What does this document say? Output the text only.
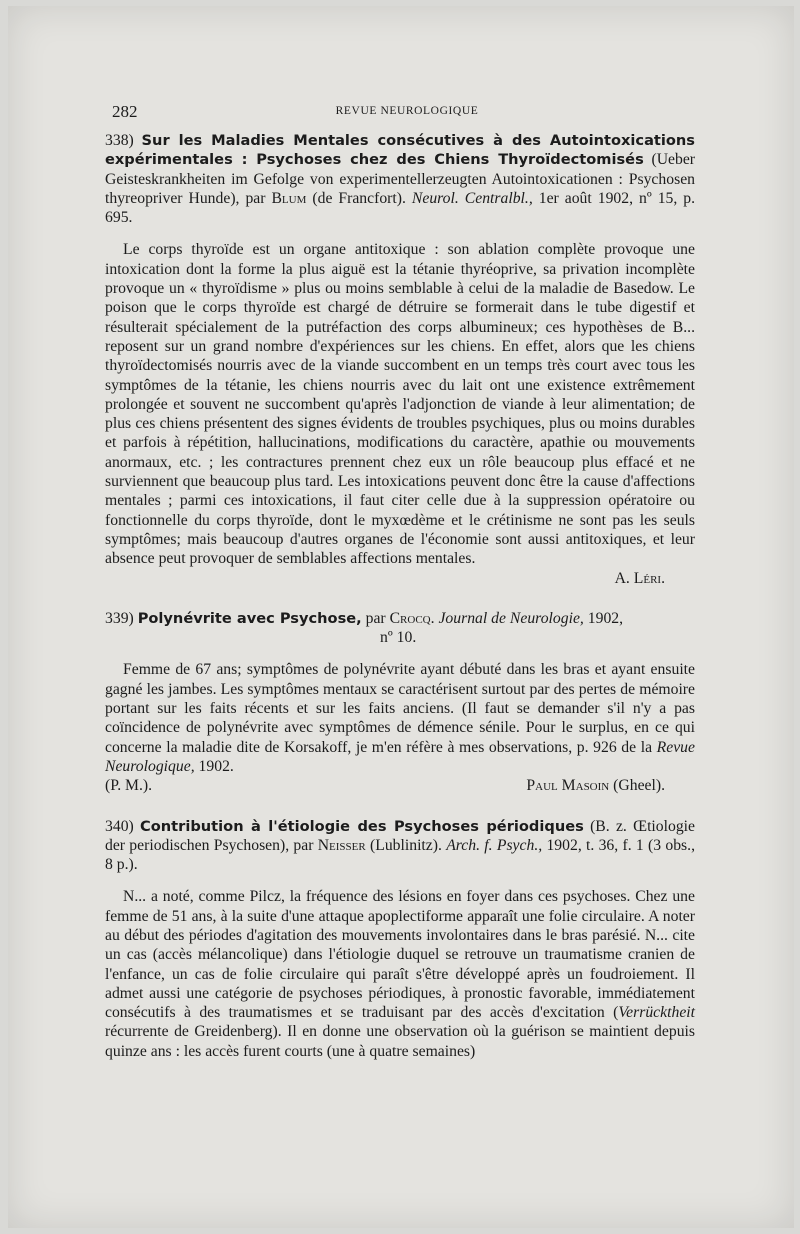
282	REVUE NEUROLOGIQUE

338) Sur les Maladies Mentales consécutives à des Autointoxications expérimentales : Psychoses chez des Chiens Thyroïdectomisés (Ueber Geisteskrankheiten im Gefolge von experimentellerzeugten Autointoxicationen : Psychosen thyreopriver Hunde), par Blum (de Francfort). Neurol. Centralbl., 1er août 1902, nº 15, p. 695.

Le corps thyroïde est un organe antitoxique : son ablation complète provoque une intoxication dont la forme la plus aiguë est la tétanie thyréoprive, sa privation incomplète provoque un « thyroïdisme » plus ou moins semblable à celui de la maladie de Basedow. Le poison que le corps thyroïde est chargé de détruire se formerait dans le tube digestif et résulterait spécialement de la putréfaction des corps albumineux; ces hypothèses de B... reposent sur un grand nombre d'expériences sur les chiens. En effet, alors que les chiens thyroïdectomisés nourris avec de la viande succombent en un temps très court avec tous les symptômes de la tétanie, les chiens nourris avec du lait ont une existence extrêmement prolongée et souvent ne succombent qu'après l'adjonction de viande à leur alimentation; de plus ces chiens présentent des signes évidents de troubles psychiques, plus ou moins durables et parfois à répétition, hallucinations, modifications du caractère, apathie ou mouvements anormaux, etc. ; les contractures prennent chez eux un rôle beaucoup plus effacé et ne surviennent que beaucoup plus tard. Les intoxications peuvent donc être la cause d'affections mentales ; parmi ces intoxications, il faut citer celle due à la suppression opératoire ou fonctionnelle du corps thyroïde, dont le myxœdème et le crétinisme ne sont pas les seuls symptômes; mais beaucoup d'autres organes de l'économie sont aussi antitoxiques, et leur absence peut provoquer de semblables affections mentales.

A. Léri.

339) Polynévrite avec Psychose, par Crocq. Journal de Neurologie, 1902,

nº 10.

Femme de 67 ans; symptômes de polynévrite ayant débuté dans les bras et ayant ensuite gagné les jambes. Les symptômes mentaux se caractérisent surtout par des pertes de mémoire portant sur les faits récents et sur les faits anciens. (Il faut se demander s'il n'y a pas coïncidence de polynévrite avec symptômes de démence sénile. Pour le surplus, en ce qui concerne la maladie dite de Korsakoff, je m'en réfère à mes observations, p. 926 de la Revue Neurologique, 1902.

(P. M.).	Paul Masoin (Gheel).

340) Contribution à l'étiologie des Psychoses périodiques (B. z. Œtiologie der periodischen Psychosen), par Neisser (Lublinitz). Arch. f. Psych., 1902, t. 36, f. 1 (3 obs., 8 p.).

N... a noté, comme Pilcz, la fréquence des lésions en foyer dans ces psychoses. Chez une femme de 51 ans, à la suite d'une attaque apoplectiforme apparaît une folie circulaire. A noter au début des périodes d'agitation des mouvements involontaires dans le bras parésié. N... cite un cas (accès mélancolique) dans l'étiologie duquel se retrouve un traumatisme cranien de l'enfance, un cas de folie circulaire qui paraît s'être développé après un foudroiement. Il admet aussi une catégorie de psychoses périodiques, à pronostic favorable, immédiatement consécutifs à des traumatismes et se traduisant par des accès d'excitation (Verrücktheit récurrente de Greidenberg). Il en donne une observation où la guérison se maintient depuis quinze ans : les accès furent courts (une à quatre semaines)
